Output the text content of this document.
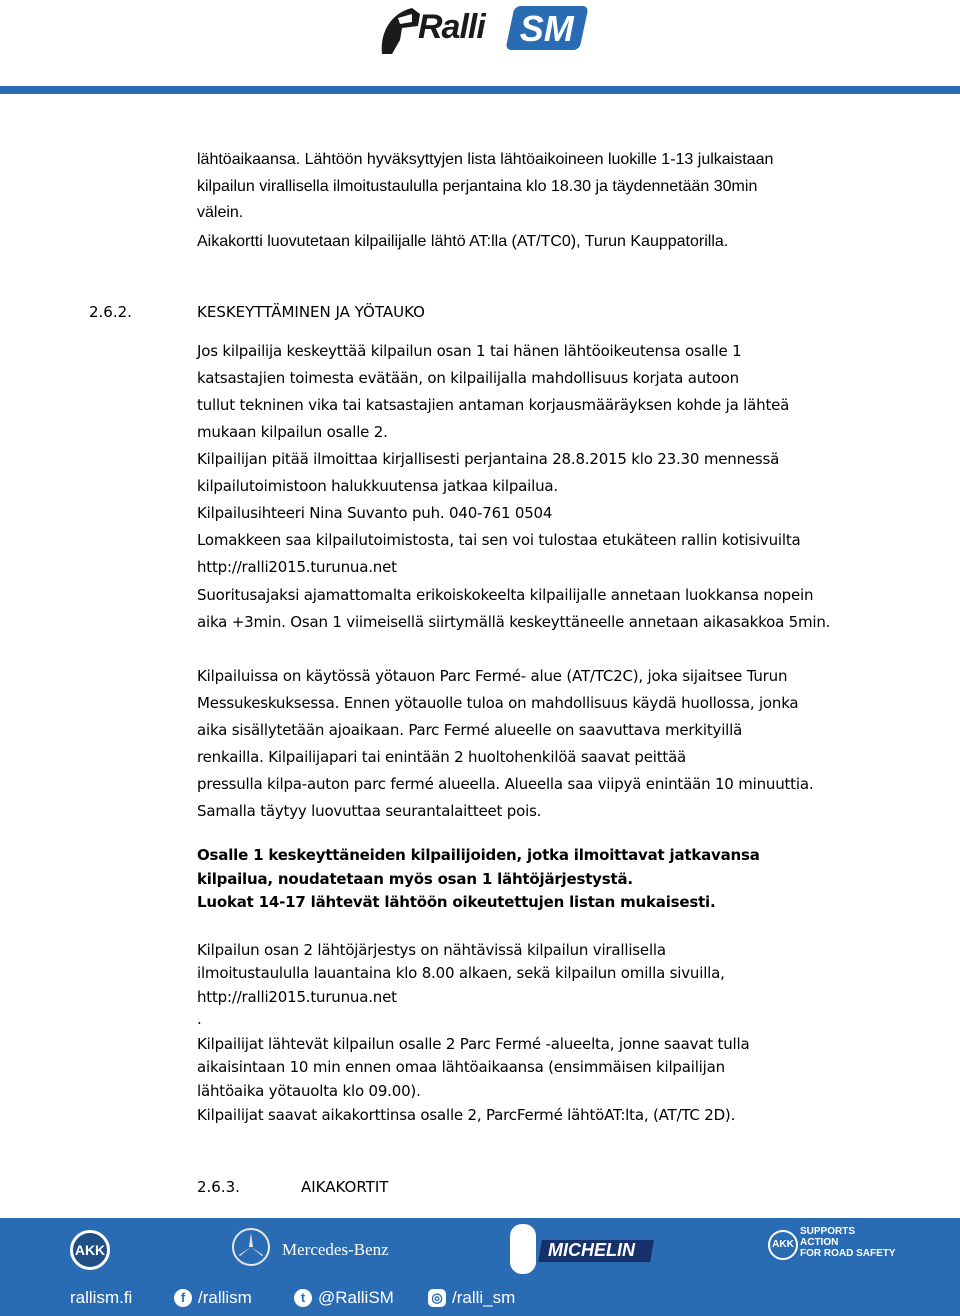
Ralli SM
lähtöaikaansa. Lähtöön hyväksyttyjen lista lähtöaikoineen luokille 1-13 julkaistaan
kilpailun virallisella ilmoitustaululla perjantaina klo 18.30 ja täydennetään 30min
välein.
Aikakortti luovutetaan kilpailijalle lähtö AT:lla (AT/TC0), Turun Kauppatorilla.
2.6.2.	KESKEYTTÄMINEN JA YÖTAUKO
Jos kilpailija keskeyttää kilpailun osan 1 tai hänen lähtöoikeutensa osalle 1
katsastajien toimesta evätään, on kilpailijalla mahdollisuus korjata autoon
tullut tekninen vika tai katsastajien antaman korjausmääräyksen kohde ja lähteä
mukaan kilpailun osalle 2.
Kilpailijan pitää ilmoittaa kirjallisesti perjantaina 28.8.2015 klo 23.30 mennessä
kilpailutoimistoon halukkuutensa jatkaa kilpailua.
Kilpailusihteeri Nina Suvanto puh. 040-761 0504
Lomakkeen saa kilpailutoimistosta, tai sen voi tulostaa etukäteen rallin kotisivuilta
http://ralli2015.turunua.net
Suoritusajaksi ajamattomalta erikoiskokeelta kilpailijalle annetaan luokkansa nopein
aika +3min. Osan 1 viimeisellä siirtymällä keskeyttäneelle annetaan aikasakkoa 5min.
Kilpailuissa on käytössä yötauon Parc Fermé- alue (AT/TC2C), joka sijaitsee Turun
Messukeskuksessa. Ennen yötauolle tuloa on mahdollisuus käydä huollossa, jonka
aika sisällytetään ajoaikaan. Parc Fermé alueelle on saavuttava merkityillä
renkailla. Kilpailijapari tai enintään 2 huoltohenkilöä saavat peittää
pressulla kilpa-auton parc fermé alueella. Alueella saa viipyä enintään 10 minuuttia.
Samalla täytyy luovuttaa seurantalaitteet pois.
Osalle 1 keskeyttäneiden kilpailijoiden, jotka ilmoittavat jatkavansa
kilpailua, noudatetaan myös osan 1 lähtöjärjestystä.
Luokat 14-17 lähtevät lähtöön oikeutettujen listan mukaisesti.
Kilpailun osan 2 lähtöjärjestys on nähtävissä kilpailun virallisella
ilmoitustaululla lauantaina klo 8.00 alkaen, sekä kilpailun omilla sivuilla,
http://ralli2015.turunua.net
.
Kilpailijat lähtevät kilpailun osalle 2 Parc Fermé -alueelta, jonne saavat tulla
aikaisintaan 10 min ennen omaa lähtöaikaansa (ensimmäisen kilpailijan
lähtöaika yötauolta klo 09.00).
Kilpailijat saavat aikakorttinsa osalle 2, ParcFermé lähtöAT:lta, (AT/TC 2D).
2.6.3.	AIKAKORTIT
AKK	Mercedes-Benz	MICHELIN	AKK
SUPPORTS
ACTION
FOR ROAD SAFETY
rallism.fi	f /rallism	t @RalliSM	◎ /ralli_sm
